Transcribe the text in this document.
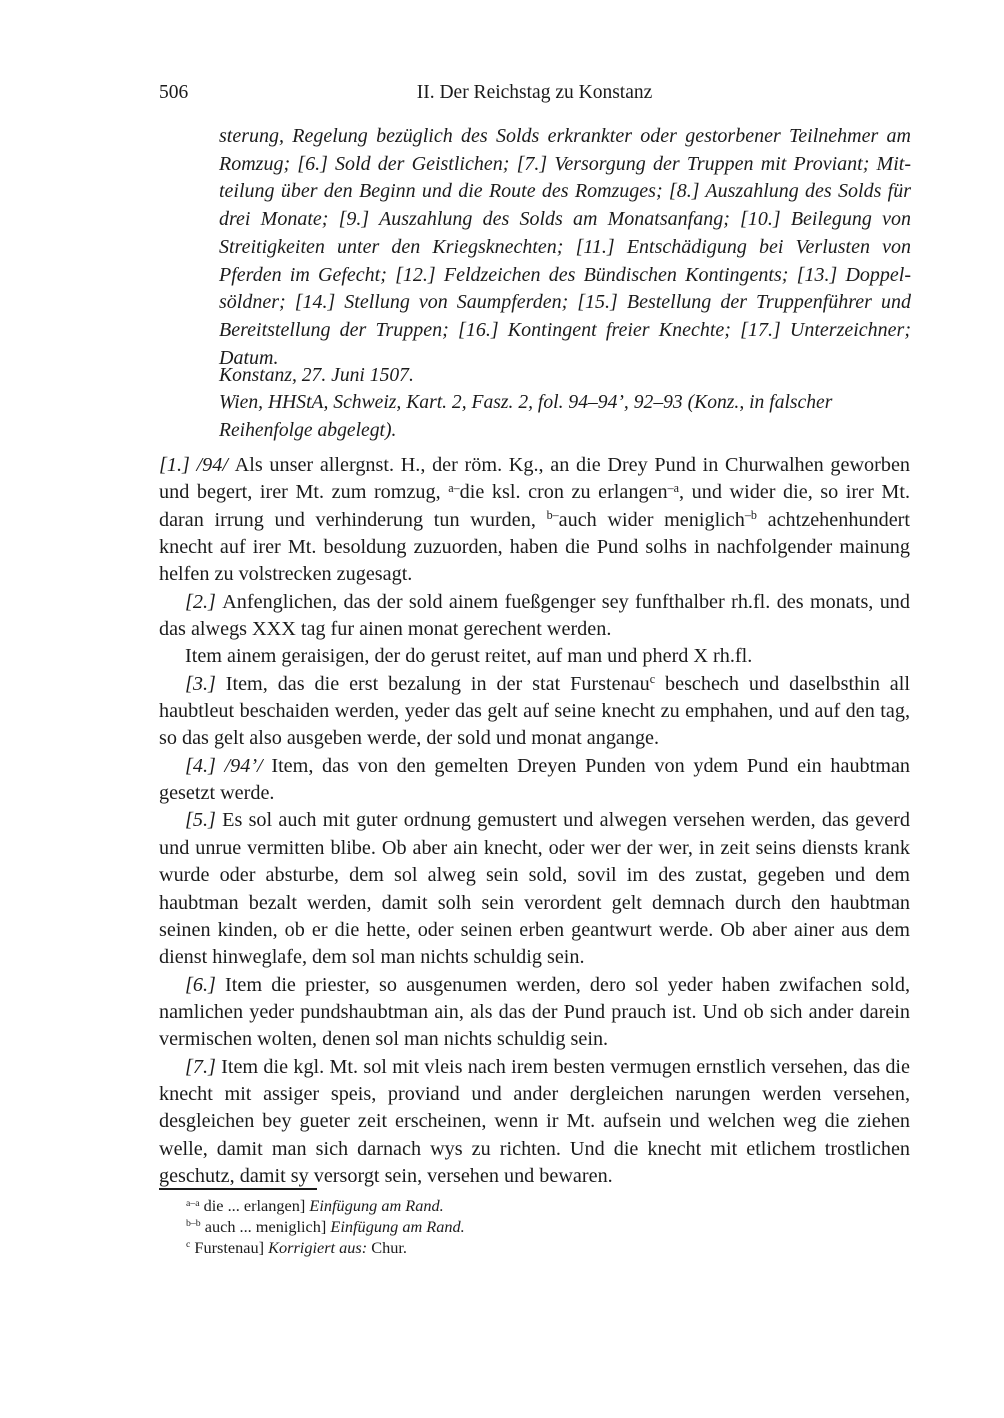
506	II. Der Reichstag zu Konstanz

sterung, Regelung bezüglich des Solds erkrankter oder gestorbener Teilnehmer am Romzug; [6.] Sold der Geistlichen; [7.] Versorgung der Truppen mit Proviant; Mitteilung über den Beginn und die Route des Romzuges; [8.] Auszahlung des Solds für drei Monate; [9.] Auszahlung des Solds am Monatsanfang; [10.] Beilegung von Streitigkeiten unter den Kriegsknechten; [11.] Entschädigung bei Verlusten von Pferden im Gefecht; [12.] Feldzeichen des Bündischen Kontingents; [13.] Doppelsöldner; [14.] Stellung von Saumpferden; [15.] Bestellung der Truppenführer und Bereitstellung der Truppen; [16.] Kontingent freier Knechte; [17.] Unterzeichner; Datum.

Konstanz, 27. Juni 1507.

Wien, HHStA, Schweiz, Kart. 2, Fasz. 2, fol. 94–94’, 92–93 (Konz., in falscher Reihenfolge abgelegt).

[1.] /94/ Als unser allergnst. H., der röm. Kg., an die Drey Pund in Churwalhen geworben und begert, irer Mt. zum romzug, $^{a-}$die ksl. cron zu erlangen$^{-a}$, und wider die, so irer Mt. daran irrung und verhinderung tun wurden, $^{b-}$auch wider meniglich$^{-b}$ achtzehenhundert knecht auf irer Mt. besoldung zuzuorden, haben die Pund solhs in nachfolgender mainung helfen zu volstrecken zugesagt.

[2.] Anfenglichen, das der sold ainem fueßgenger sey funfthalber rh.fl. des monats, und das alwegs XXX tag fur ainen monat gerechent werden.

Item ainem geraisigen, der do gerust reitet, auf man und pherd X rh.fl.

[3.] Item, das die erst bezalung in der stat Furstenau$^c$ beschech und daselbsthin all haubtleut beschaiden werden, yeder das gelt auf seine knecht zu emphahen, und auf den tag, so das gelt also ausgeben werde, der sold und monat angange.

[4.] /94’/ Item, das von den gemelten Dreyen Punden von ydem Pund ein haubtman gesetzt werde.

[5.] Es sol auch mit guter ordnung gemustert und alwegen versehen werden, das geverd und unrue vermitten blibe. Ob aber ain knecht, oder wer der wer, in zeit seins diensts krank wurde oder absturbe, dem sol alweg sein sold, sovil im des zustat, gegeben und dem haubtman bezalt werden, damit solh sein verordent gelt demnach durch den haubtman seinen kinden, ob er die hette, oder seinen erben geantwurt werde. Ob aber ainer aus dem dienst hinweglafe, dem sol man nichts schuldig sein.

[6.] Item die priester, so ausgenumen werden, dero sol yeder haben zwifachen sold, namlichen yeder pundshaubtman ain, als das der Pund prauch ist. Und ob sich ander darein vermischen wolten, denen sol man nichts schuldig sein.

[7.] Item die kgl. Mt. sol mit vleis nach irem besten vermugen ernstlich versehen, das die knecht mit assiger speis, proviand und ander dergleichen narungen werden versehen, desgleichen bey gueter zeit erscheinen, wenn ir Mt. aufsein und welchen weg die ziehen welle, damit man sich darnach wys zu richten. Und die knecht mit etlichem trostlichen geschutz, damit sy versorgt sein, versehen und bewaren.

$^{a-a}$ die ... erlangen] Einfügung am Rand.

$^{b-b}$ auch ... meniglich] Einfügung am Rand.

$^c$ Furstenau] Korrigiert aus: Chur.
